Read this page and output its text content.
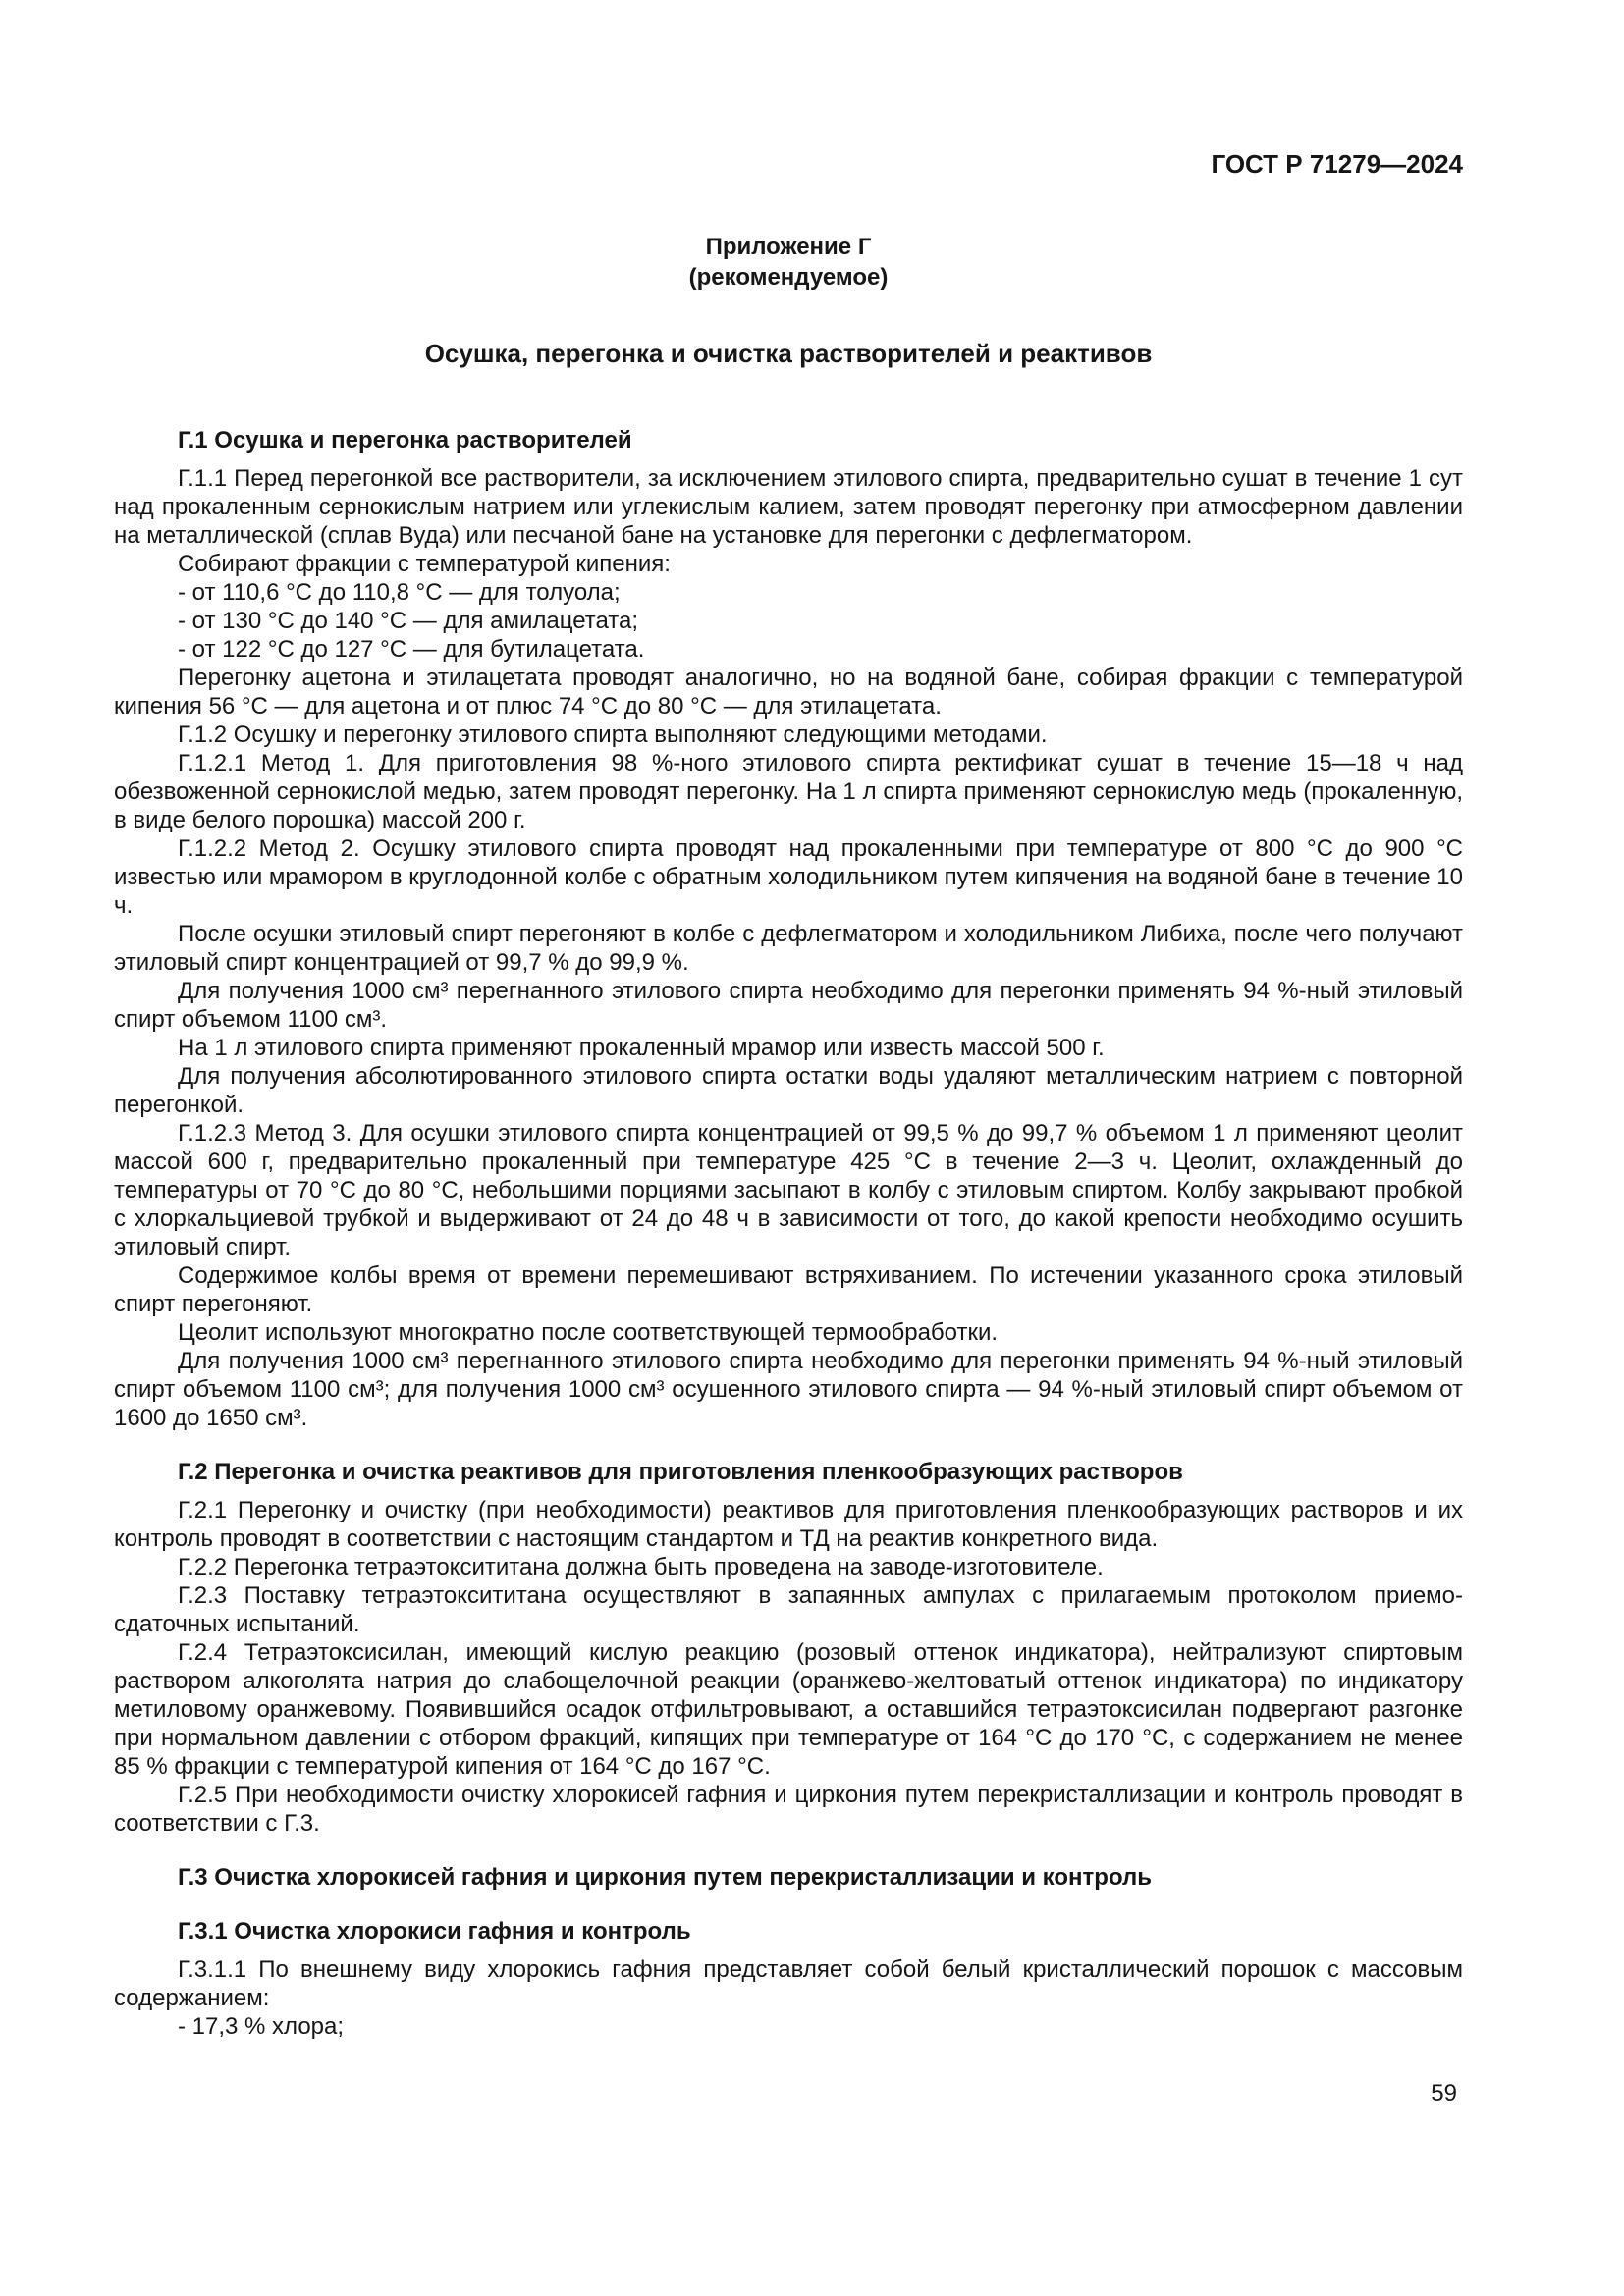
ГОСТ Р 71279—2024

Приложение Г

(рекомендуемое)

Осушка, перегонка и очистка растворителей и реактивов

Г.1 Осушка и перегонка растворителей

Г.1.1 Перед перегонкой все растворители, за исключением этилового спирта, предварительно сушат в течение 1 сут над прокаленным сернокислым натрием или углекислым калием, затем проводят перегонку при атмосферном давлении на металлической (сплав Вуда) или песчаной бане на установке для перегонки с дефлегматором.

Собирают фракции с температурой кипения:

- от 110,6 °С до 110,8 °С — для толуола;

- от 130 °С до 140 °С — для амилацетата;

- от 122 °С до 127 °С — для бутилацетата.

Перегонку ацетона и этилацетата проводят аналогично, но на водяной бане, собирая фракции с температурой кипения 56 °С — для ацетона и от плюс 74 °С до 80 °С — для этилацетата.

Г.1.2 Осушку и перегонку этилового спирта выполняют следующими методами.

Г.1.2.1 Метод 1. Для приготовления 98 %-ного этилового спирта ректификат сушат в течение 15—18 ч над обезвоженной сернокислой медью, затем проводят перегонку. На 1 л спирта применяют сернокислую медь (прокаленную, в виде белого порошка) массой 200 г.

Г.1.2.2 Метод 2. Осушку этилового спирта проводят над прокаленными при температуре от 800 °С до 900 °С известью или мрамором в круглодонной колбе с обратным холодильником путем кипячения на водяной бане в течение 10 ч.

После осушки этиловый спирт перегоняют в колбе с дефлегматором и холодильником Либиха, после чего получают этиловый спирт концентрацией от 99,7 % до 99,9 %.

Для получения 1000 см³ перегнанного этилового спирта необходимо для перегонки применять 94 %-ный этиловый спирт объемом 1100 см³.

На 1 л этилового спирта применяют прокаленный мрамор или известь массой 500 г.

Для получения абсолютированного этилового спирта остатки воды удаляют металлическим натрием с повторной перегонкой.

Г.1.2.3 Метод 3. Для осушки этилового спирта концентрацией от 99,5 % до 99,7 % объемом 1 л применяют цеолит массой 600 г, предварительно прокаленный при температуре 425 °С в течение 2—3 ч. Цеолит, охлажденный до температуры от 70 °С до 80 °С, небольшими порциями засыпают в колбу с этиловым спиртом. Колбу закрывают пробкой с хлоркальциевой трубкой и выдерживают от 24 до 48 ч в зависимости от того, до какой крепости необходимо осушить этиловый спирт.

Содержимое колбы время от времени перемешивают встряхиванием. По истечении указанного срока этиловый спирт перегоняют.

Цеолит используют многократно после соответствующей термообработки.

Для получения 1000 см³ перегнанного этилового спирта необходимо для перегонки применять 94 %-ный этиловый спирт объемом 1100 см³; для получения 1000 см³ осушенного этилового спирта — 94 %-ный этиловый спирт объемом от 1600 до 1650 см³.

Г.2 Перегонка и очистка реактивов для приготовления пленкообразующих растворов

Г.2.1 Перегонку и очистку (при необходимости) реактивов для приготовления пленкообразующих растворов и их контроль проводят в соответствии с настоящим стандартом и ТД на реактив конкретного вида.

Г.2.2 Перегонка тетраэтоксититана должна быть проведена на заводе-изготовителе.

Г.2.3 Поставку тетраэтоксититана осуществляют в запаянных ампулах с прилагаемым протоколом приемо-сдаточных испытаний.

Г.2.4 Тетраэтоксисилан, имеющий кислую реакцию (розовый оттенок индикатора), нейтрализуют спиртовым раствором алкоголята натрия до слабощелочной реакции (оранжево-желтоватый оттенок индикатора) по индикатору метиловому оранжевому. Появившийся осадок отфильтровывают, а оставшийся тетраэтоксисилан подвергают разгонке при нормальном давлении с отбором фракций, кипящих при температуре от 164 °С до 170 °С, с содержанием не менее 85 % фракции с температурой кипения от 164 °С до 167 °С.

Г.2.5 При необходимости очистку хлорокисей гафния и циркония путем перекристаллизации и контроль проводят в соответствии с Г.3.

Г.3 Очистка хлорокисей гафния и циркония путем перекристаллизации и контроль

Г.3.1 Очистка хлорокиси гафния и контроль

Г.3.1.1 По внешнему виду хлорокись гафния представляет собой белый кристаллический порошок с массовым содержанием:

- 17,3 % хлора;

59
